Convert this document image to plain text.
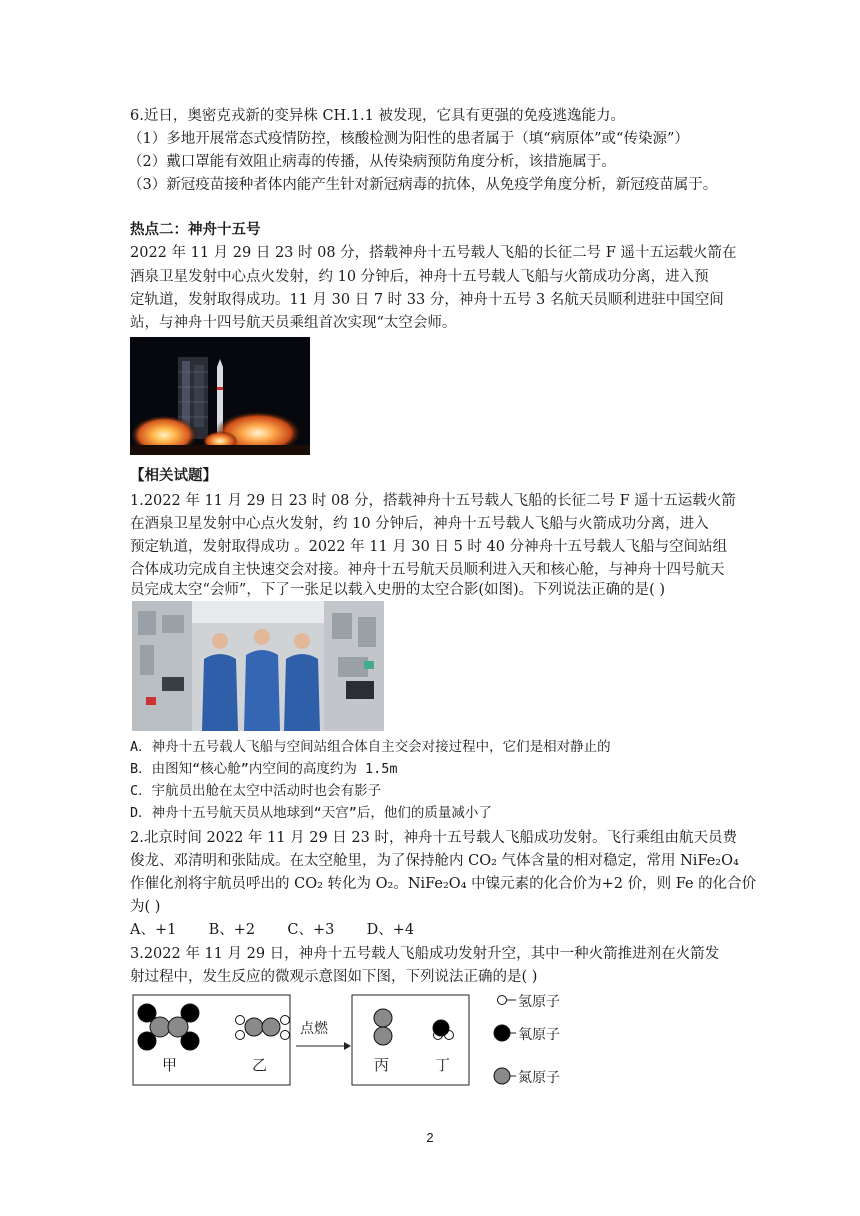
6.近日，奥密克戎新的变异株 CH.1.1 被发现，它具有更强的免疫逃逸能力。
（1）多地开展常态式疫情防控，核酸检测为阳性的患者属于（填“病原体”或“传染源”）
（2）戴口罩能有效阻止病毒的传播，从传染病预防角度分析，该措施属于。
（3）新冠疫苗接种者体内能产生针对新冠病毒的抗体，从免疫学角度分析，新冠疫苗属于。
热点二：神舟十五号
2022 年 11 月 29 日 23 时 08 分，搭载神舟十五号载人飞船的长征二号 F 遥十五运载火箭在
酒泉卫星发射中心点火发射，约 10 分钟后，神舟十五号载人飞船与火箭成功分离，进入预
定轨道，发射取得成功。11 月 30 日 7 时 33 分，神舟十五号 3 名航天员顺利进驻中国空间
站，与神舟十四号航天员乘组首次实现“太空会师。
【相关试题】
1.2022 年 11 月 29 日 23 时 08 分，搭载神舟十五号载人飞船的长征二号 F 遥十五运载火箭
在酒泉卫星发射中心点火发射，约 10 分钟后，神舟十五号载人飞船与火箭成功分离，进入
预定轨道，发射取得成功 。2022 年 11 月 30 日 5 时 40 分神舟十五号载人飞船与空间站组
合体成功完成自主快速交会对接。神舟十五号航天员顺利进入天和核心舱，与神舟十四号航天
员完成太空“会师”，下了一张足以载入史册的太空合影(如图)。下列说法正确的是( )
A．神舟十五号载人飞船与空间站组合体自主交会对接过程中，它们是相对静止的
B．由图知“核心舱”内空间的高度约为 1.5m
C．宇航员出舱在太空中活动时也会有影子
D．神舟十五号航天员从地球到“天宫”后，他们的质量减小了
2.北京时间 2022 年 11 月 29 日 23 时，神舟十五号载人飞船成功发射。飞行乘组由航天员费
俊龙、邓清明和张陆成。在太空舱里，为了保持舱内 CO₂ 气体含量的相对稳定，常用 NiFe₂O₄
作催化剂将宇航员呼出的 CO₂ 转化为 O₂。NiFe₂O₄ 中镍元素的化合价为+2 价，则 Fe 的化合价
为( )
A、+1       B、+2       C、+3       D、+4
3.2022 年 11 月 29 日，神舟十五号载人飞船成功发射升空，其中一种火箭推进剂在火箭发
射过程中，发生反应的微观示意图如下图，下列说法正确的是( )
甲	乙
点燃
丙	丁
氢原子
氧原子
氮原子
2
